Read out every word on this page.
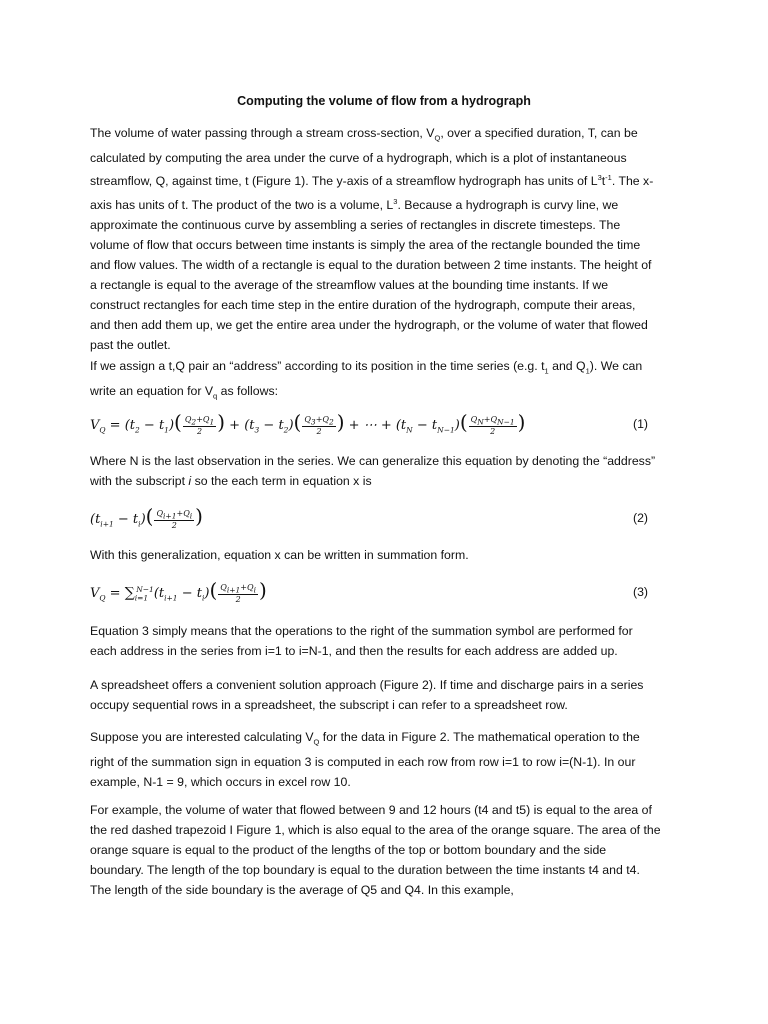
Computing the volume of flow from a hydrograph
The volume of water passing through a stream cross-section, $V_Q$, over a specified duration, T, can be
calculated by computing the area under the curve of a hydrograph, which is a plot of instantaneous
streamflow, Q, against time, t (Figure 1). The y-axis of a streamflow hydrograph has units of $L^3t^{-1}$. The x-
axis has units of t. The product of the two is a volume, $L^3$. Because a hydrograph is curvy line, we
approximate the continuous curve by assembling a series of rectangles in discrete timesteps. The
volume of flow that occurs between time instants is simply the area of the rectangle bounded the time
and flow values. The width of a rectangle is equal to the duration between 2 time instants. The height of
a rectangle is equal to the average of the streamflow values at the bounding time instants. If we
construct rectangles for each time step in the entire duration of the hydrograph, compute their areas,
and then add them up, we get the entire area under the hydrograph, or the volume of water that flowed
past the outlet.
If we assign a t,Q pair an “address” according to its position in the time series (e.g. $t_1$ and $Q_1$). We can
write an equation for $V_q$ as follows:
$V_Q = (t_2 - t_1)( \frac{Q_2+Q_1}{2}$ ) + $(t_3 - t_2)( \frac{Q_3+Q_2}{2}$ ) + ⋯ + $(t_N - t_{N-1})( \frac{Q_N+Q_{N-1}}{2}$ )	(1)
Where N is the last observation in the series. We can generalize this equation by denoting the “address”
with the subscript i so the each term in equation x is
$(t_{i+1} - t_i)( \frac{Q_{i+1}+Q_i}{2}$ )	(2)
With this generalization, equation x can be written in summation form.
$V_Q = \sum_{i=1}^{N-1}(t_{i+1} - t_i)( \frac{Q_{i+1}+Q_i}{2}$ )	(3)
Equation 3 simply means that the operations to the right of the summation symbol are performed for
each address in the series from i=1 to i=N-1, and then the results for each address are added up.
A spreadsheet offers a convenient solution approach (Figure 2). If time and discharge pairs in a series
occupy sequential rows in a spreadsheet, the subscript i can refer to a spreadsheet row.
Suppose you are interested calculating $V_Q$ for the data in Figure 2. The mathematical operation to the
right of the summation sign in equation 3 is computed in each row from row i=1 to row i=(N-1). In our
example, N-1 = 9, which occurs in excel row 10.
For example, the volume of water that flowed between 9 and 12 hours (t4 and t5) is equal to the area of
the red dashed trapezoid I Figure 1, which is also equal to the area of the orange square. The area of the
orange square is equal to the product of the lengths of the top or bottom boundary and the side
boundary. The length of the top boundary is equal to the duration between the time instants t4 and t4.
The length of the side boundary is the average of Q5 and Q4. In this example,
